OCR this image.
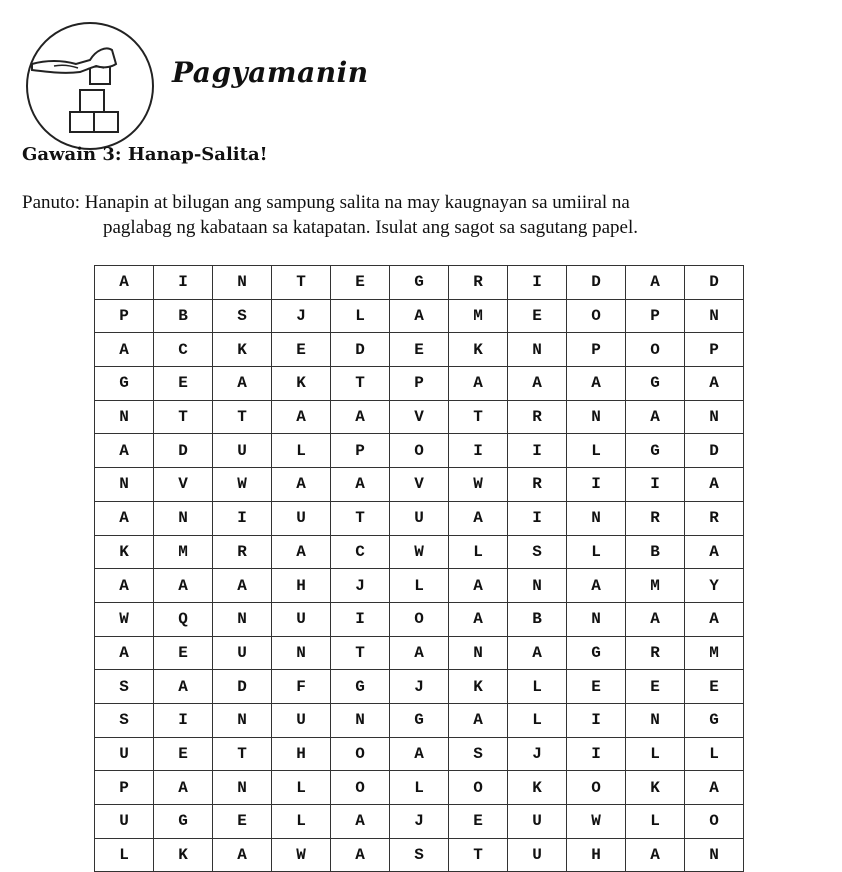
Pagyamanin
Gawain 3: Hanap-Salita!
Panuto: Hanapin at bilugan ang sampung salita na may kaugnayan sa umiiral na
paglabag ng kabataan sa katapatan. Isulat ang sagot sa sagutang papel.
A	I	N	T	E	G	R	I	D	A	D
P	B	S	J	L	A	M	E	O	P	N
A	C	K	E	D	E	K	N	P	O	P
G	E	A	K	T	P	A	A	A	G	A
N	T	T	A	A	V	T	R	N	A	N
A	D	U	L	P	O	I	I	L	G	D
N	V	W	A	A	V	W	R	I	I	A
A	N	I	U	T	U	A	I	N	R	R
K	M	R	A	C	W	L	S	L	B	A
A	A	A	H	J	L	A	N	A	M	Y
W	Q	N	U	I	O	A	B	N	A	A
A	E	U	N	T	A	N	A	G	R	M
S	A	D	F	G	J	K	L	E	E	E
S	I	N	U	N	G	A	L	I	N	G
U	E	T	H	O	A	S	J	I	L	L
P	A	N	L	O	L	O	K	O	K	A
U	G	E	L	A	J	E	U	W	L	O
L	K	A	W	A	S	T	U	H	A	N
